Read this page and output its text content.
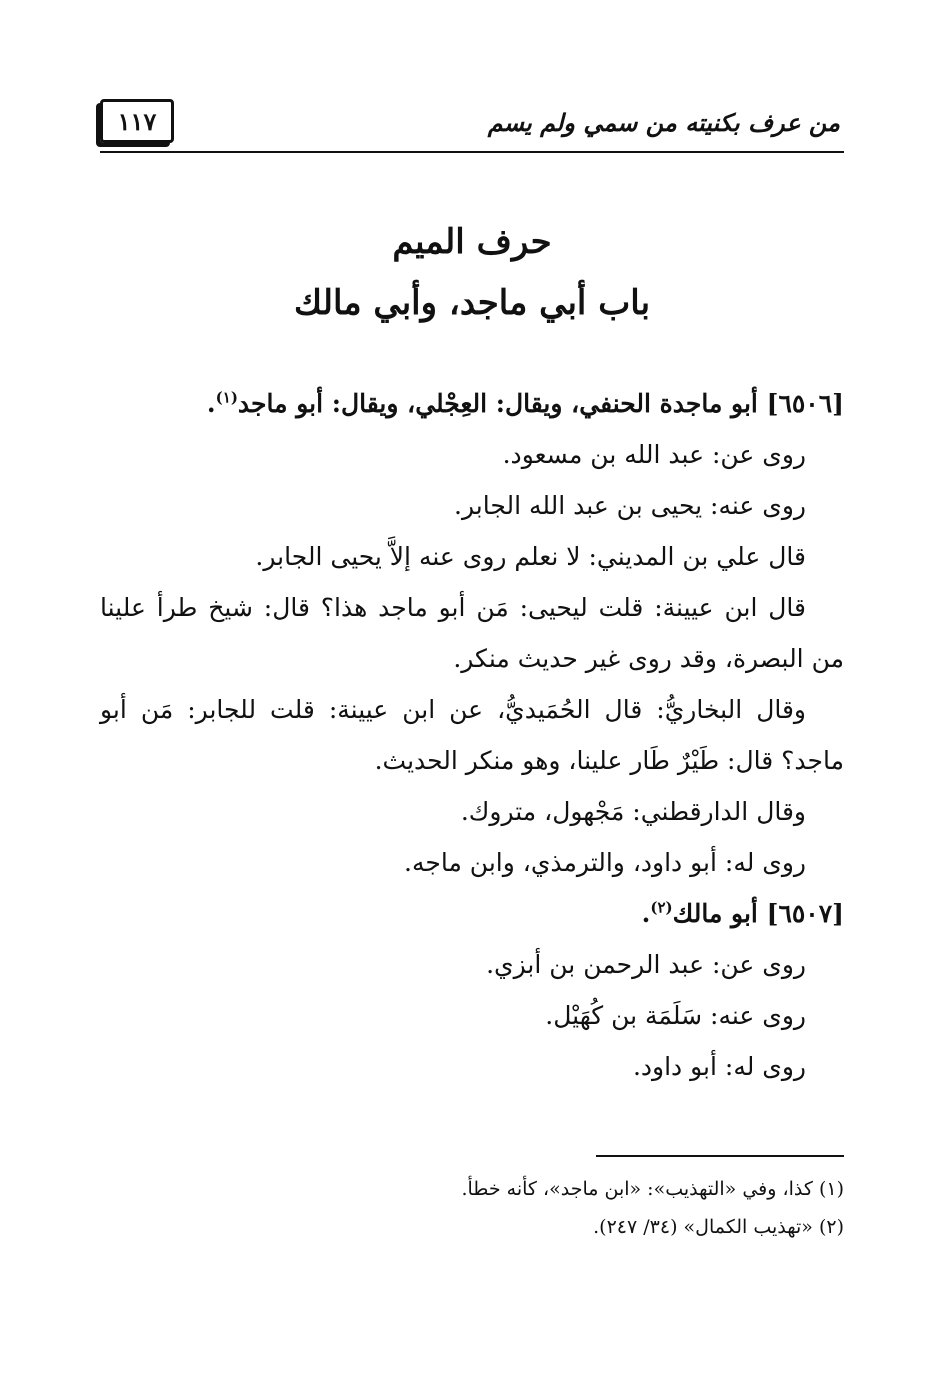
١١٧	من عرف بكنيته من سمي ولم يسم
حرف الميم
باب أبي ماجد، وأبي مالك

[٦٥٠٦] أبو ماجدة الحنفي، ويقال: العِجْلي، ويقال: أبو ماجد$^{(١)}$.

روى عن: عبد الله بن مسعود.

روى عنه: يحيى بن عبد الله الجابر.

قال علي بن المديني: لا نعلم روى عنه إلاَّ يحيى الجابر.

قال ابن عيينة: قلت ليحيى: مَن أبو ماجد هذا؟ قال: شيخ طرأ علينا من البصرة، وقد روى غير حديث منكر.

وقال البخاريُّ: قال الحُمَيديُّ، عن ابن عيينة: قلت للجابر: مَن أبو ماجد؟ قال: طَيْرٌ طَار علينا، وهو منكر الحديث.

وقال الدارقطني: مَجْهول، متروك.

روى له: أبو داود، والترمذي، وابن ماجه.

[٦٥٠٧] أبو مالك$^{(٢)}$.

روى عن: عبد الرحمن بن أبزي.

روى عنه: سَلَمَة بن كُهَيْل.

روى له: أبو داود.

(١) كذا، وفي «التهذيب»: «ابن ماجد»، كأنه خطأ.

(٢) «تهذيب الكمال» (٣٤/ ٢٤٧).
